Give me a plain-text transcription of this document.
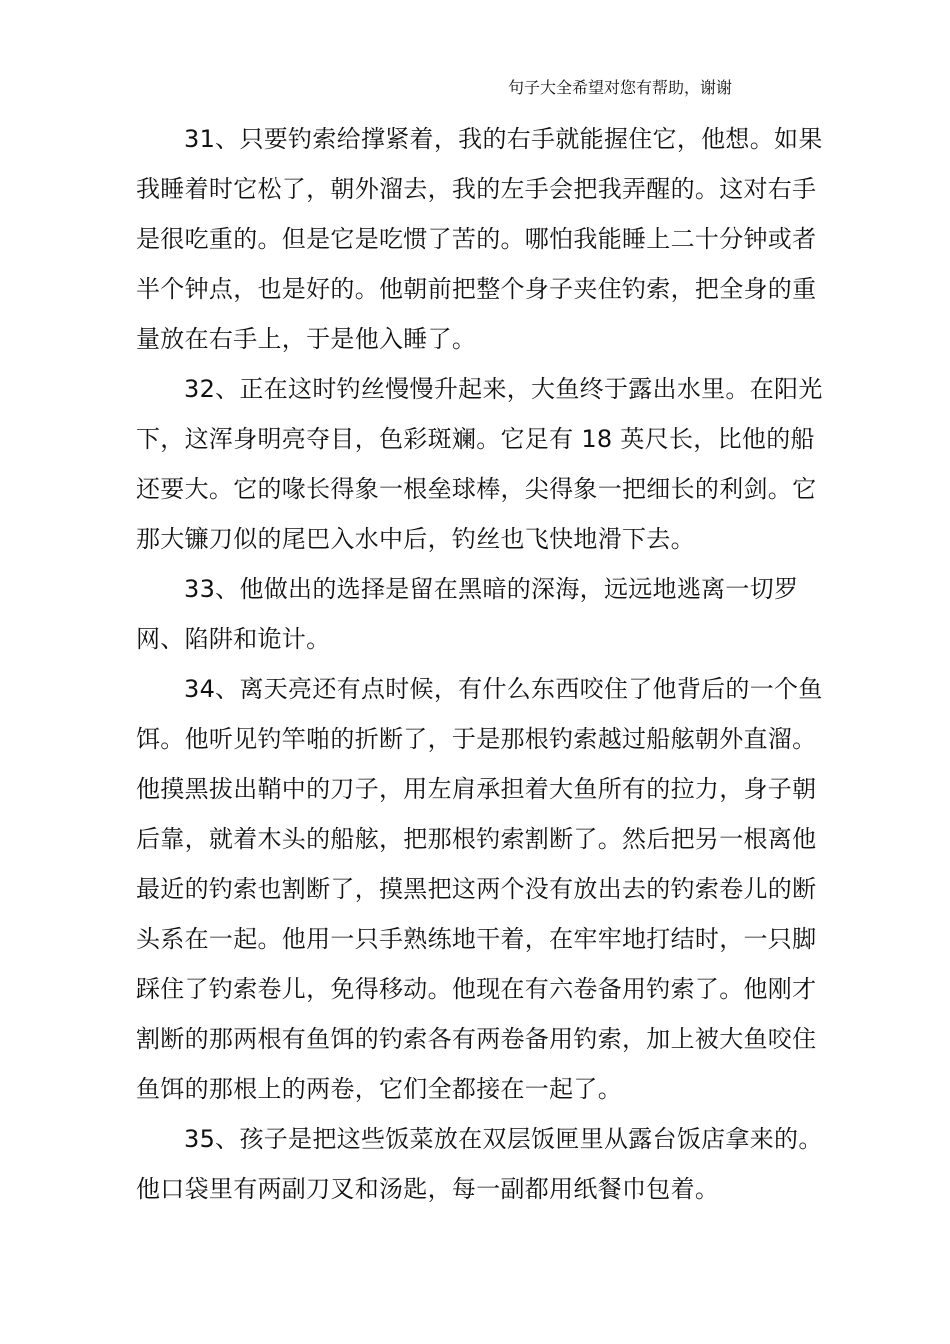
句子大全希望对您有帮助，谢谢

31、只要钓索给撑紧着，我的右手就能握住它，他想。如果我睡着时它松了，朝外溜去，我的左手会把我弄醒的。这对右手是很吃重的。但是它是吃惯了苦的。哪怕我能睡上二十分钟或者半个钟点，也是好的。他朝前把整个身子夹住钓索，把全身的重量放在右手上，于是他入睡了。

32、正在这时钓丝慢慢升起来，大鱼终于露出水里。在阳光下，这浑身明亮夺目，色彩斑斓。它足有 18 英尺长，比他的船还要大。它的喙长得象一根垒球棒，尖得象一把细长的利剑。它那大镰刀似的尾巴入水中后，钓丝也飞快地滑下去。

33、他做出的选择是留在黑暗的深海，远远地逃离一切罗网、陷阱和诡计。

34、离天亮还有点时候，有什么东西咬住了他背后的一个鱼饵。他听见钓竿啪的折断了，于是那根钓索越过船舷朝外直溜。他摸黑拔出鞘中的刀子，用左肩承担着大鱼所有的拉力，身子朝后靠，就着木头的船舷，把那根钓索割断了。然后把另一根离他最近的钓索也割断了，摸黑把这两个没有放出去的钓索卷儿的断头系在一起。他用一只手熟练地干着，在牢牢地打结时，一只脚踩住了钓索卷儿，免得移动。他现在有六卷备用钓索了。他刚才割断的那两根有鱼饵的钓索各有两卷备用钓索，加上被大鱼咬住鱼饵的那根上的两卷，它们全都接在一起了。

35、孩子是把这些饭菜放在双层饭匣里从露台饭店拿来的。他口袋里有两副刀叉和汤匙，每一副都用纸餐巾包着。
